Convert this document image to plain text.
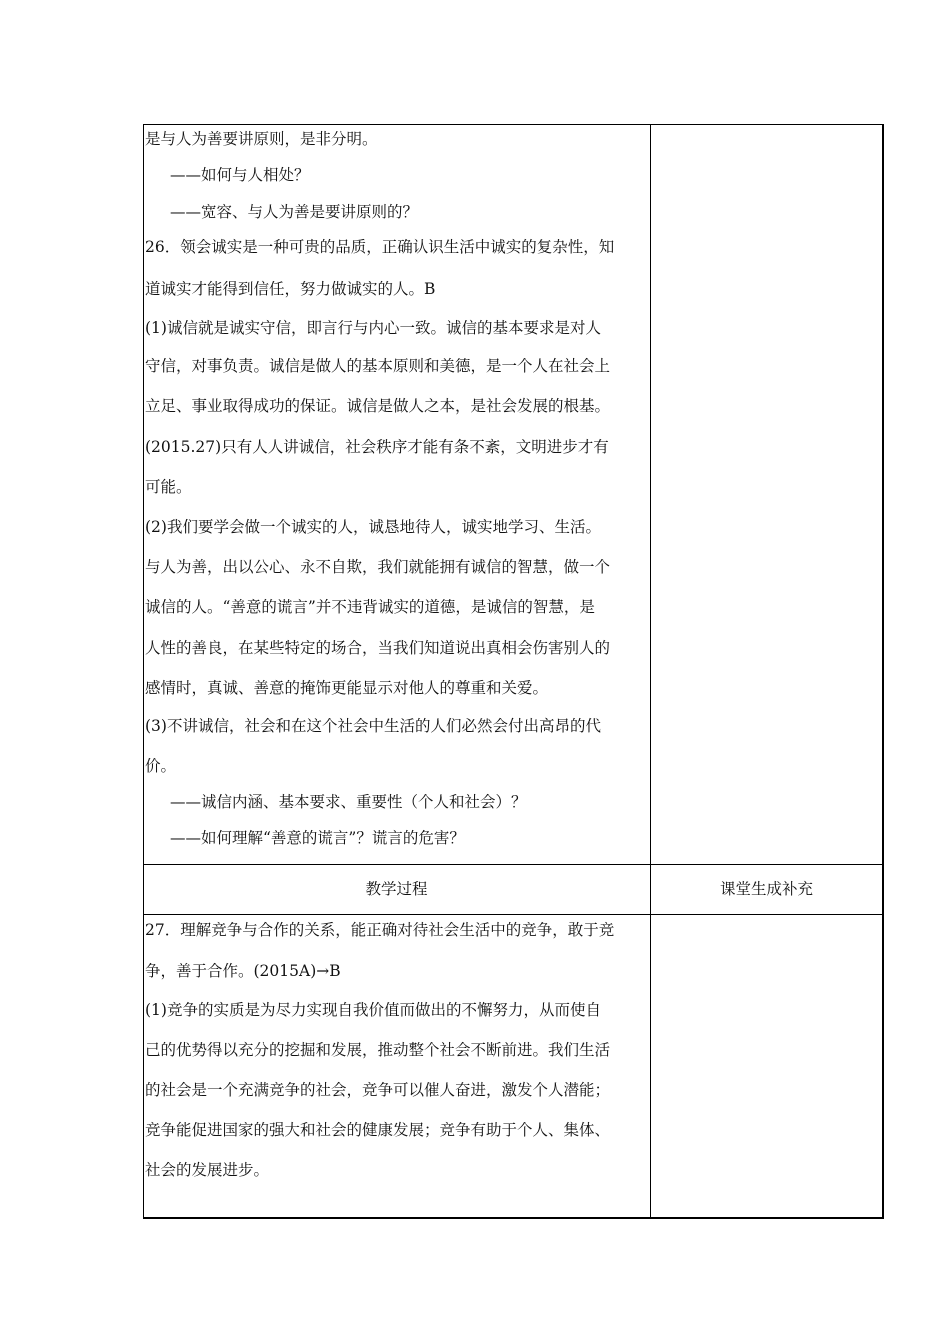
是与人为善要讲原则，是非分明。
——如何与人相处？
——宽容、与人为善是要讲原则的？
26．领会诚实是一种可贵的品质，正确认识生活中诚实的复杂性，知
道诚实才能得到信任，努力做诚实的人。B
(1)诚信就是诚实守信，即言行与内心一致。诚信的基本要求是对人
守信，对事负责。诚信是做人的基本原则和美德，是一个人在社会上
立足、事业取得成功的保证。诚信是做人之本，是社会发展的根基。
(2015.27)只有人人讲诚信，社会秩序才能有条不紊，文明进步才有
可能。
(2)我们要学会做一个诚实的人，诚恳地待人，诚实地学习、生活。
与人为善，出以公心、永不自欺，我们就能拥有诚信的智慧，做一个
诚信的人。“善意的谎言”并不违背诚实的道德，是诚信的智慧，是
人性的善良，在某些特定的场合，当我们知道说出真相会伤害别人的
感情时，真诚、善意的掩饰更能显示对他人的尊重和关爱。
(3)不讲诚信，社会和在这个社会中生活的人们必然会付出高昂的代
价。
——诚信内涵、基本要求、重要性（个人和社会）？
——如何理解“善意的谎言”？谎言的危害？
教学过程	课堂生成补充
27．理解竞争与合作的关系，能正确对待社会生活中的竞争，敢于竞
争，善于合作。(2015A)→B
(1)竞争的实质是为尽力实现自我价值而做出的不懈努力，从而使自
己的优势得以充分的挖掘和发展，推动整个社会不断前进。我们生活
的社会是一个充满竞争的社会，竞争可以催人奋进，激发个人潜能；
竞争能促进国家的强大和社会的健康发展；竞争有助于个人、集体、
社会的发展进步。
